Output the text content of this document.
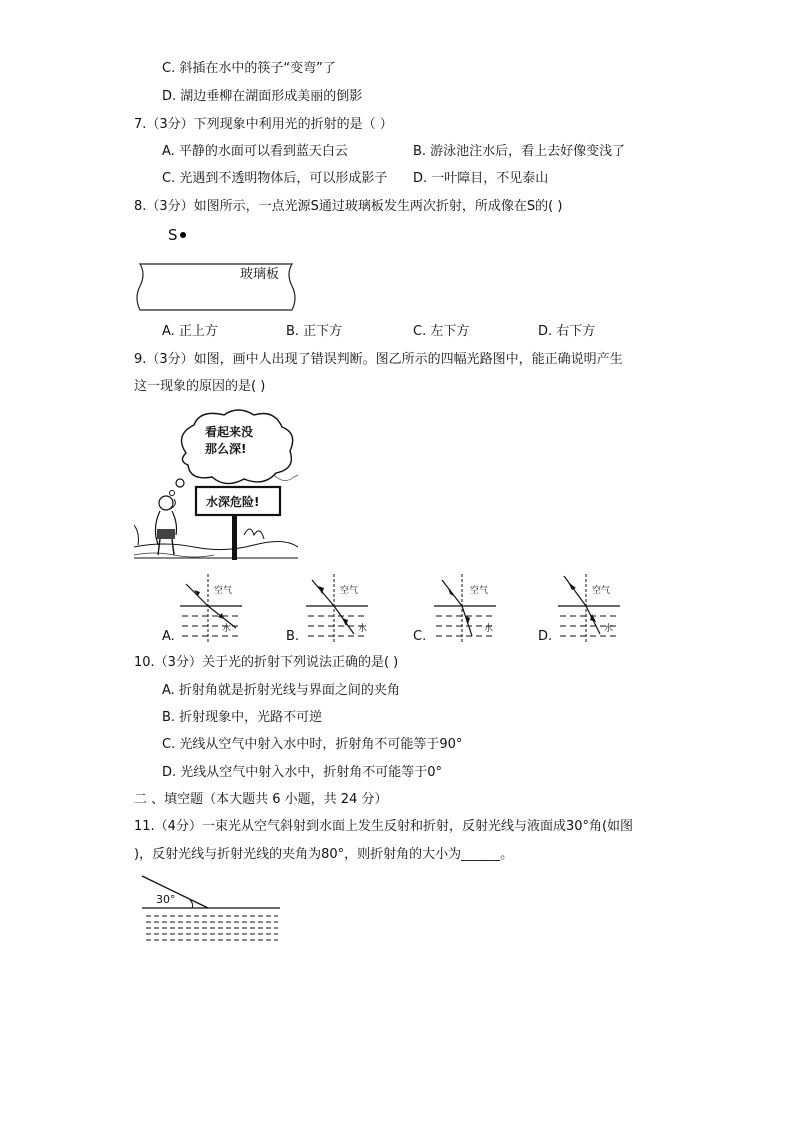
C. 斜插在水中的筷子“变弯”了
D. 湖边垂柳在湖面形成美丽的倒影
7.（3分）下列现象中利用光的折射的是（ ）
A. 平静的水面可以看到蓝天白云	B. 游泳池注水后，看上去好像变浅了
C. 光遇到不透明物体后，可以形成影子 D. 一叶障目，不见泰山
8.（3分）如图所示，一点光源S通过玻璃板发生两次折射，所成像在S的( )
S
玻璃板
A. 正上方	B. 正下方	C. 左下方	D. 右下方
9.（3分）如图，画中人出现了错误判断。图乙所示的四幅光路图中，能正确说明产生
这一现象的原因的是( )
看起来没
那么深!
水深危险!
空气
水
A.
空气
水
B.
空气
水
C.
空气
水
D.
10.（3分）关于光的折射下列说法正确的是( )
A. 折射角就是折射光线与界面之间的夹角
B. 折射现象中，光路不可逆
C. 光线从空气中射入水中时，折射角不可能等于90°
D. 光线从空气中射入水中，折射角不可能等于0°
二 、填空题（本大题共 6 小题，共 24 分）
11.（4分）一束光从空气斜射到水面上发生反射和折射，反射光线与液面成30°角(如图
)，反射光线与折射光线的夹角为80°，则折射角的大小为______。
30°
